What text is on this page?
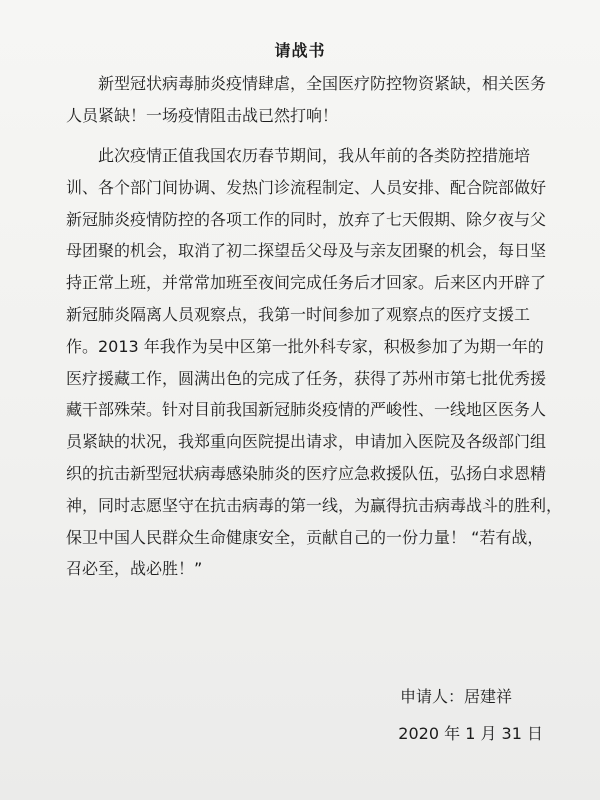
请战书
新型冠状病毒肺炎疫情肆虐，全国医疗防控物资紧缺，相关医务
人员紧缺！一场疫情阻击战已然打响！
此次疫情正值我国农历春节期间，我从年前的各类防控措施培
训、各个部门间协调、发热门诊流程制定、人员安排、配合院部做好
新冠肺炎疫情防控的各项工作的同时，放弃了七天假期、除夕夜与父
母团聚的机会，取消了初二探望岳父母及与亲友团聚的机会，每日坚
持正常上班，并常常加班至夜间完成任务后才回家。后来区内开辟了
新冠肺炎隔离人员观察点，我第一时间参加了观察点的医疗支援工
作。2013 年我作为吴中区第一批外科专家，积极参加了为期一年的
医疗援藏工作，圆满出色的完成了任务，获得了苏州市第七批优秀援
藏干部殊荣。针对目前我国新冠肺炎疫情的严峻性、一线地区医务人
员紧缺的状况，我郑重向医院提出请求，申请加入医院及各级部门组
织的抗击新型冠状病毒感染肺炎的医疗应急救援队伍，弘扬白求恩精
神，同时志愿坚守在抗击病毒的第一线，为赢得抗击病毒战斗的胜利，
保卫中国人民群众生命健康安全，贡献自己的一份力量！ “若有战，
召必至，战必胜！”
申请人：居建祥
2020 年 1 月 31 日
